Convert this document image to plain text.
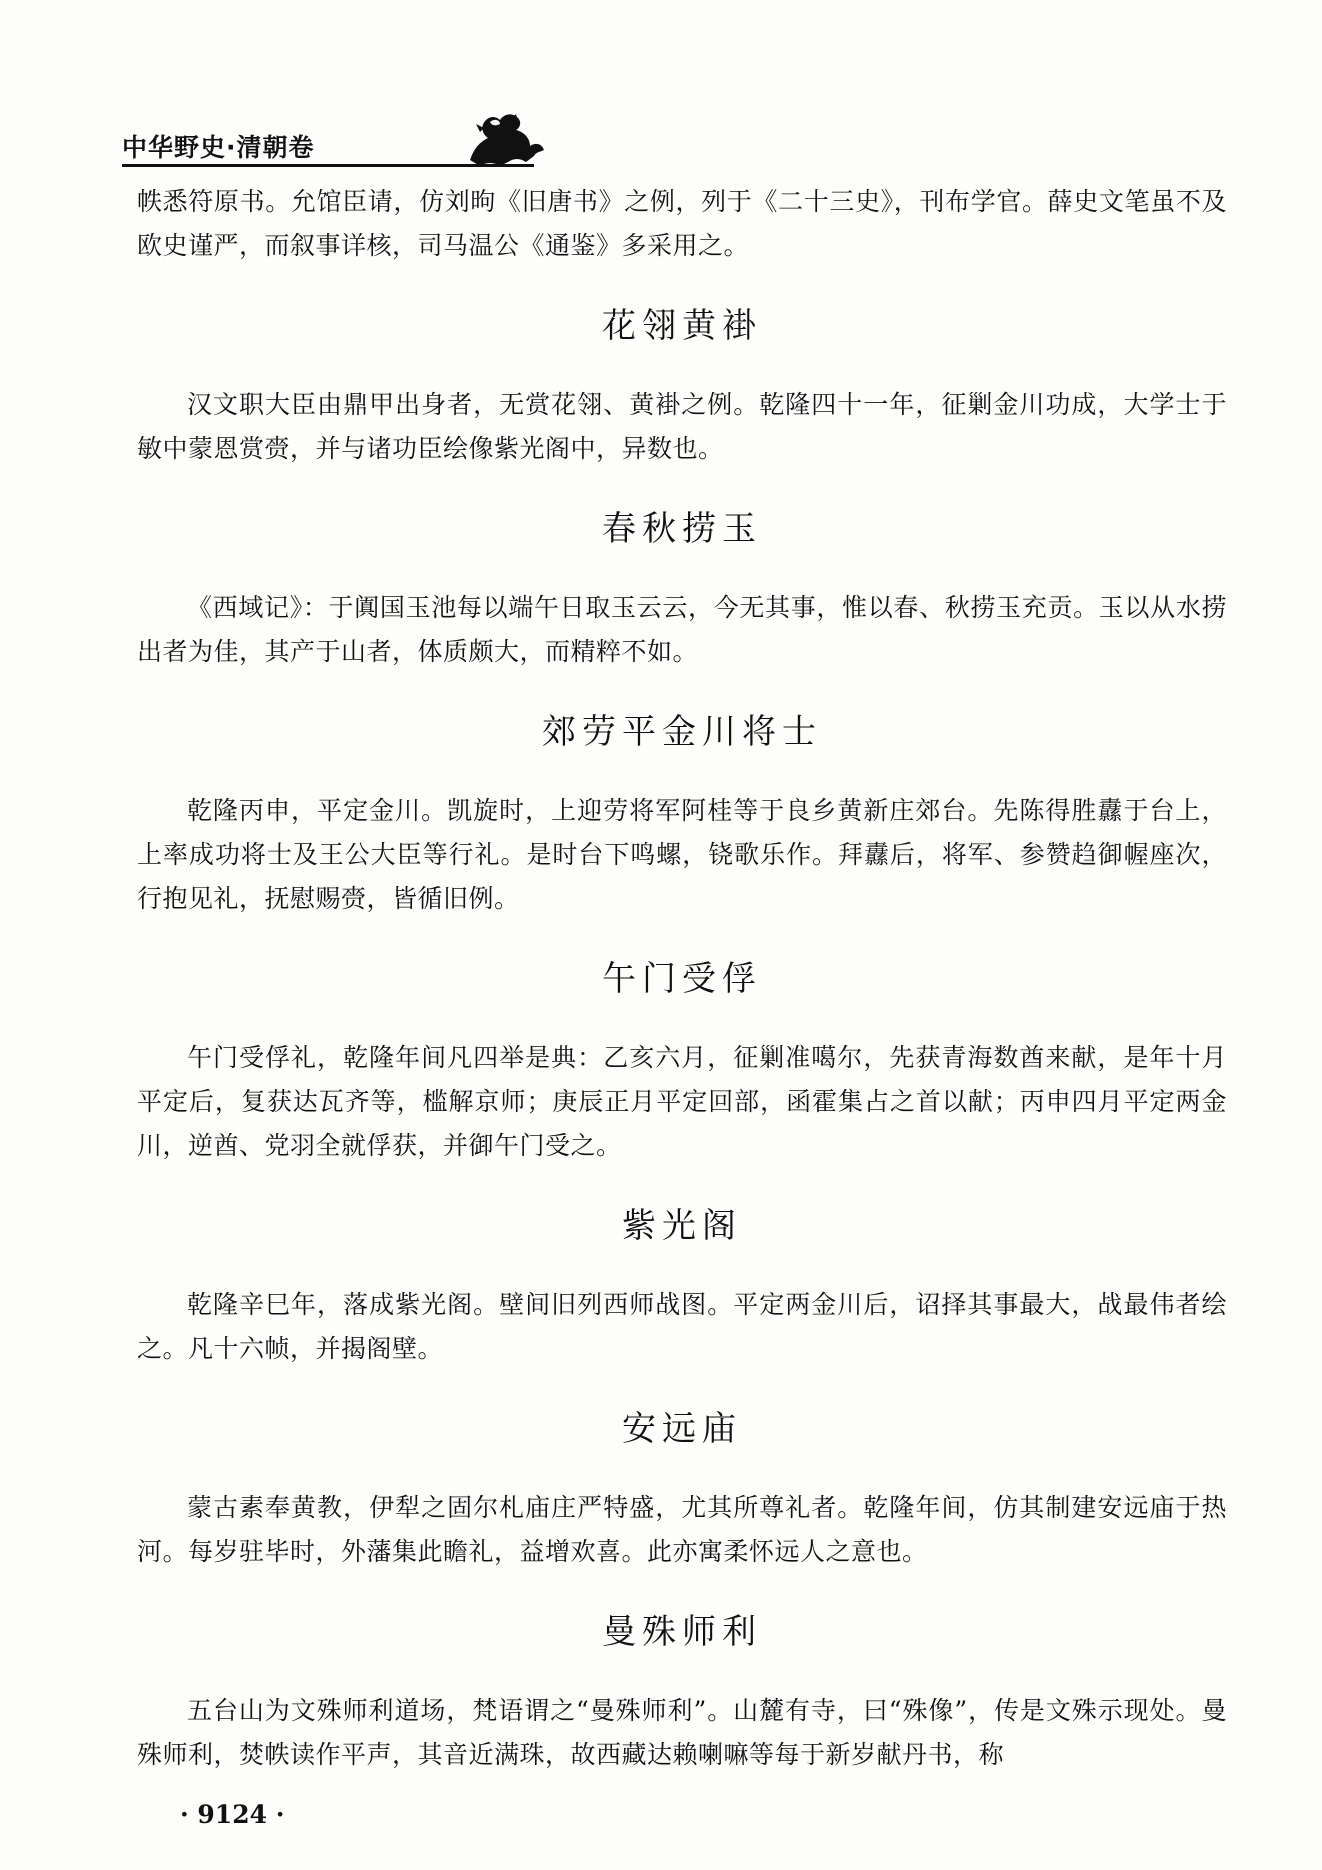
中华野史·清朝卷

帙悉符原书。允馆臣请，仿刘昫《旧唐书》之例，列于《二十三史》，刊布学官。薛史文笔虽不及欧史谨严，而叙事详核，司马温公《通鉴》多采用之。

花翎黄褂

汉文职大臣由鼎甲出身者，无赏花翎、黄褂之例。乾隆四十一年，征剿金川功成，大学士于敏中蒙恩赏赍，并与诸功臣绘像紫光阁中，异数也。

春秋捞玉

《西域记》：于阗国玉池每以端午日取玉云云，今无其事，惟以春、秋捞玉充贡。玉以从水捞出者为佳，其产于山者，体质颇大，而精粹不如。

郊劳平金川将士

乾隆丙申，平定金川。凯旋时，上迎劳将军阿桂等于良乡黄新庄郊台。先陈得胜纛于台上，上率成功将士及王公大臣等行礼。是时台下鸣螺，铙歌乐作。拜纛后，将军、参赞趋御幄座次，行抱见礼，抚慰赐赍，皆循旧例。

午门受俘

午门受俘礼，乾隆年间凡四举是典：乙亥六月，征剿准噶尔，先获青海数酋来献，是年十月平定后，复获达瓦齐等，槛解京师；庚辰正月平定回部，函霍集占之首以献；丙申四月平定两金川，逆酋、党羽全就俘获，并御午门受之。

紫光阁

乾隆辛巳年，落成紫光阁。壁间旧列西师战图。平定两金川后，诏择其事最大，战最伟者绘之。凡十六帧，并揭阁壁。

安远庙

蒙古素奉黄教，伊犁之固尔札庙庄严特盛，尤其所尊礼者。乾隆年间，仿其制建安远庙于热河。每岁驻毕时，外藩集此瞻礼，益增欢喜。此亦寓柔怀远人之意也。

曼殊师利

五台山为文殊师利道场，梵语谓之“曼殊师利”。山麓有寺，曰“殊像”，传是文殊示现处。曼殊师利，焚帙读作平声，其音近满珠，故西藏达赖喇嘛等每于新岁献丹书，称

· 9124 ·
